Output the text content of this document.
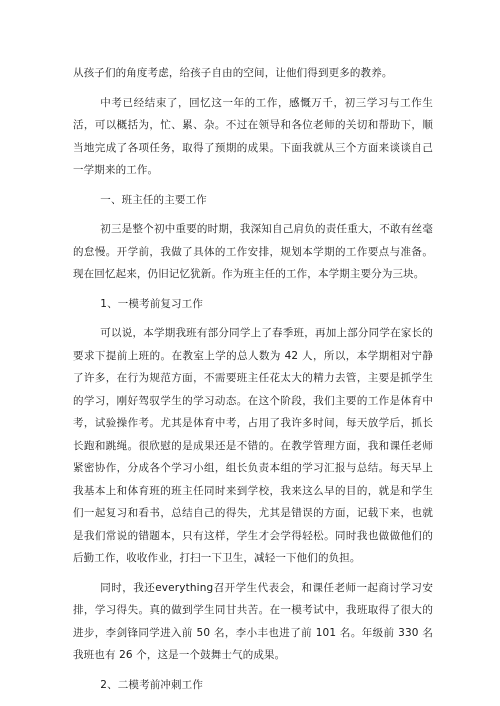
从孩子们的角度考虑，给孩子自由的空间，让他们得到更多的教养。

中考已经结束了，回忆这一年的工作，感慨万千，初三学习与工作生活，可以概括为，忙、累、杂。不过在领导和各位老师的关切和帮助下，顺当地完成了各项任务，取得了预期的成果。下面我就从三个方面来谈谈自己一学期来的工作。

一、班主任的主要工作

初三是整个初中重要的时期，我深知自己肩负的责任重大，不敢有丝毫的怠慢。开学前，我做了具体的工作安排，规划本学期的工作要点与准备。现在回忆起来，仍旧记忆犹新。作为班主任的工作，本学期主要分为三块。

1、一模考前复习工作

可以说，本学期我班有部分同学上了春季班，再加上部分同学在家长的要求下提前上班的。在教室上学的总人数为 42 人，所以，本学期相对宁静了许多，在行为规范方面，不需要班主任花太大的精力去管，主要是抓学生的学习，刚好驾驭学生的学习动态。在这个阶段，我们主要的工作是体育中考，试验操作考。尤其是体育中考，占用了我许多时间，每天放学后，抓长长跑和跳绳。很欣慰的是成果还是不错的。在教学管理方面，我和课任老师紧密协作，分成各个学习小组，组长负责本组的学习汇报与总结。每天早上我基本上和体育班的班主任同时来到学校，我来这么早的目的，就是和学生们一起复习和看书，总结自己的得失，尤其是错误的方面，记载下来，也就是我们常说的错题本，只有这样，学生才会学得轻松。同时我也做做他们的后勤工作，收收作业，打扫一下卫生，减轻一下他们的负担。

同时，我还everything召开学生代表会，和课任老师一起商讨学习安排，学习得失。真的做到学生同甘共苦。在一模考试中，我班取得了很大的进步，李剑锋同学进入前 50 名，李小丰也进了前 101 名。年级前 330 名我班也有 26 个，这是一个鼓舞士气的成果。

2、二模考前冲刺工作
